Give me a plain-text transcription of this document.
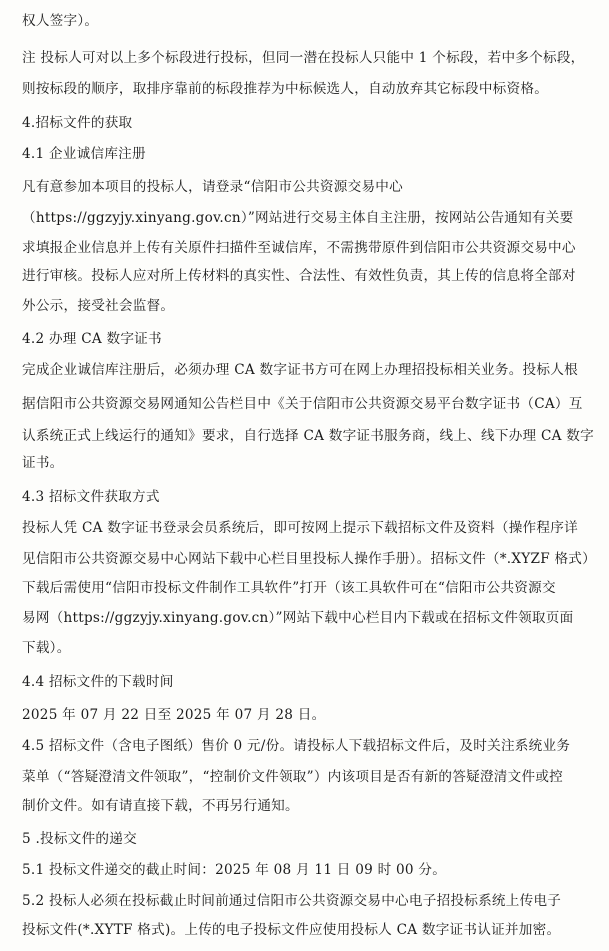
权人签字）。
注 投标人可对以上多个标段进行投标，但同一潜在投标人只能中 1 个标段，若中多个标段，
则按标段的顺序，取排序靠前的标段推荐为中标候选人，自动放弃其它标段中标资格。
4.招标文件的获取
4.1 企业诚信库注册
凡有意参加本项目的投标人，请登录“信阳市公共资源交易中心
（https://ggzyjy.xinyang.gov.cn）”网站进行交易主体自主注册，按网站公告通知有关要
求填报企业信息并上传有关原件扫描件至诚信库，不需携带原件到信阳市公共资源交易中心
进行审核。投标人应对所上传材料的真实性、合法性、有效性负责，其上传的信息将全部对
外公示，接受社会监督。
4.2 办理 CA 数字证书
完成企业诚信库注册后，必须办理 CA 数字证书方可在网上办理招投标相关业务。投标人根
据信阳市公共资源交易网通知公告栏目中《关于信阳市公共资源交易平台数字证书（CA）互
认系统正式上线运行的通知》要求，自行选择 CA 数字证书服务商，线上、线下办理 CA 数字
证书。
4.3 招标文件获取方式
投标人凭 CA 数字证书登录会员系统后，即可按网上提示下载招标文件及资料（操作程序详
见信阳市公共资源交易中心网站下载中心栏目里投标人操作手册）。招标文件（*.XYZF 格式）
下载后需使用“信阳市投标文件制作工具软件”打开（该工具软件可在“信阳市公共资源交
易网（https://ggzyjy.xinyang.gov.cn）”网站下载中心栏目内下载或在招标文件领取页面
下载）。
4.4 招标文件的下载时间
2025 年 07 月 22 日至 2025 年 07 月 28 日。
4.5 招标文件（含电子图纸）售价 0 元/份。请投标人下载招标文件后，及时关注系统业务
菜单（“答疑澄清文件领取”，“控制价文件领取”）内该项目是否有新的答疑澄清文件或控
制价文件。如有请直接下载，不再另行通知。
5 .投标文件的递交
5.1 投标文件递交的截止时间：2025 年 08 月 11 日 09 时 00 分。
5.2 投标人必须在投标截止时间前通过信阳市公共资源交易中心电子招投标系统上传电子
投标文件(*.XYTF 格式)。上传的电子投标文件应使用投标人 CA 数字证书认证并加密。
